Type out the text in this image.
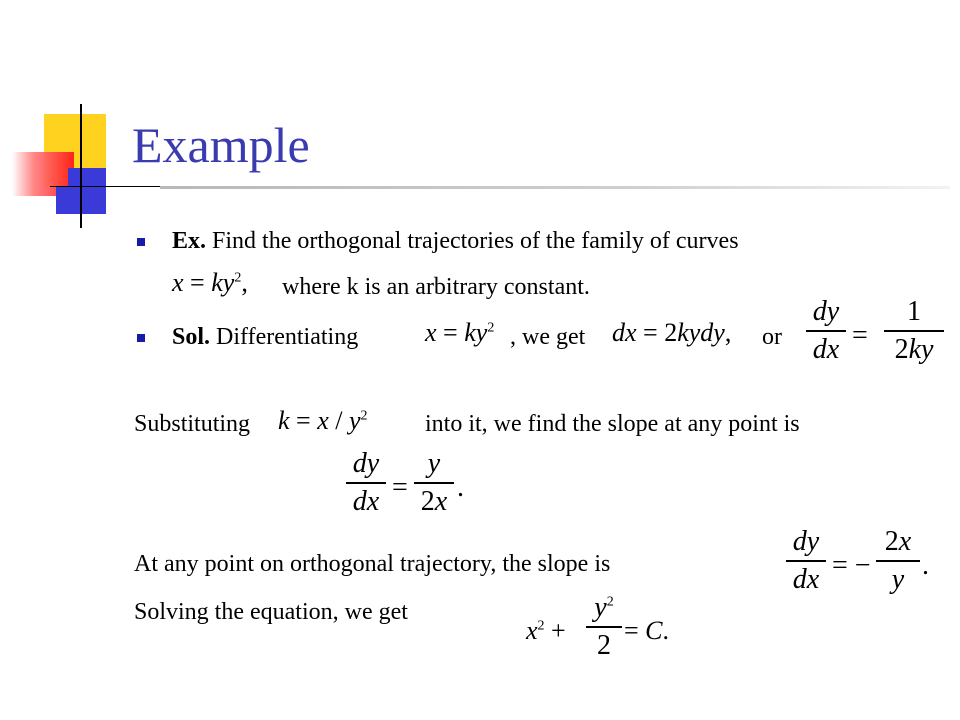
Example
Ex. Find the orthogonal trajectories of the family of curves
$x = ky^2$, where k is an arbitrary constant.
Sol. Differentiating	$x = ky^2$ , we get dx = 2kydy, or
dy
dx =
1
2ky
Substituting $k = x / y^2$ into it, we find the slope at any point is
dy
dx =
y
2x .
At any point on orthogonal trajectory, the slope is
dy
dx = −
2x
y .
Solving the equation, we get
$x^2$ +
$y^2$
2 = C.
